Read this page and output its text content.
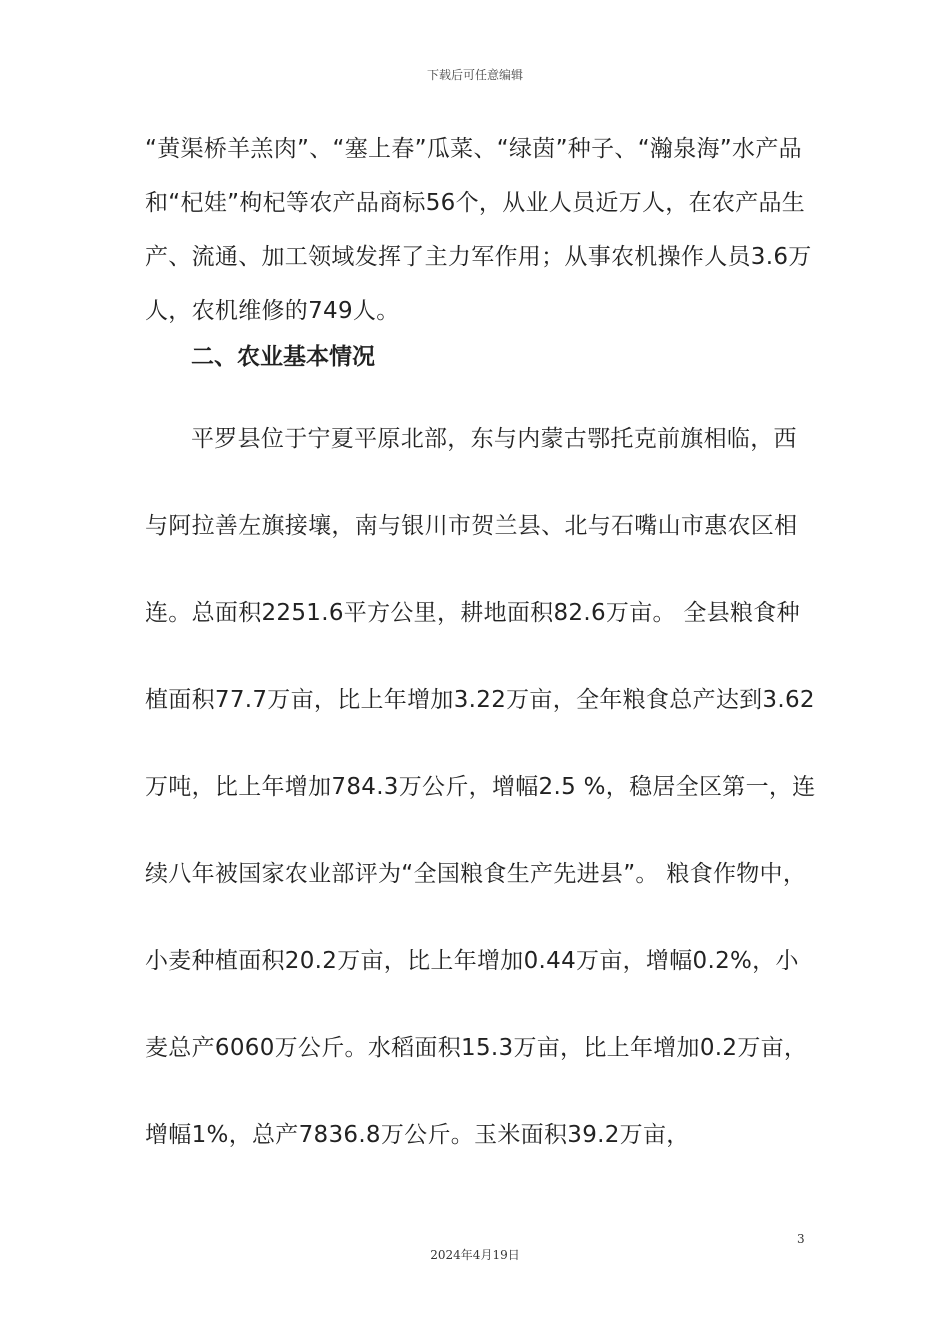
下载后可任意编辑

“黄渠桥羊羔肉”、“塞上春”瓜菜、“绿茵”种子、“瀚泉海”水产品和“杞娃”枸杞等农产品商标56个，从业人员近万人，在农产品生产、流通、加工领域发挥了主力军作用；从事农机操作人员3.6万人，农机维修的749人。

二、农业基本情况

平罗县位于宁夏平原北部，东与内蒙古鄂托克前旗相临，西与阿拉善左旗接壤，南与银川市贺兰县、北与石嘴山市惠农区相连。总面积2251.6平方公里，耕地面积82.6万亩。 全县粮食种植面积77.7万亩，比上年增加3.22万亩，全年粮食总产达到3.62万吨，比上年增加784.3万公斤，增幅2.5 %，稳居全区第一，连续八年被国家农业部评为“全国粮食生产先进县”。 粮食作物中，小麦种植面积20.2万亩，比上年增加0.44万亩，增幅0.2%，小麦总产6060万公斤。水稻面积15.3万亩，比上年增加0.2万亩，增幅1%，总产7836.8万公斤。玉米面积39.2万亩，

3
2024年4月19日
